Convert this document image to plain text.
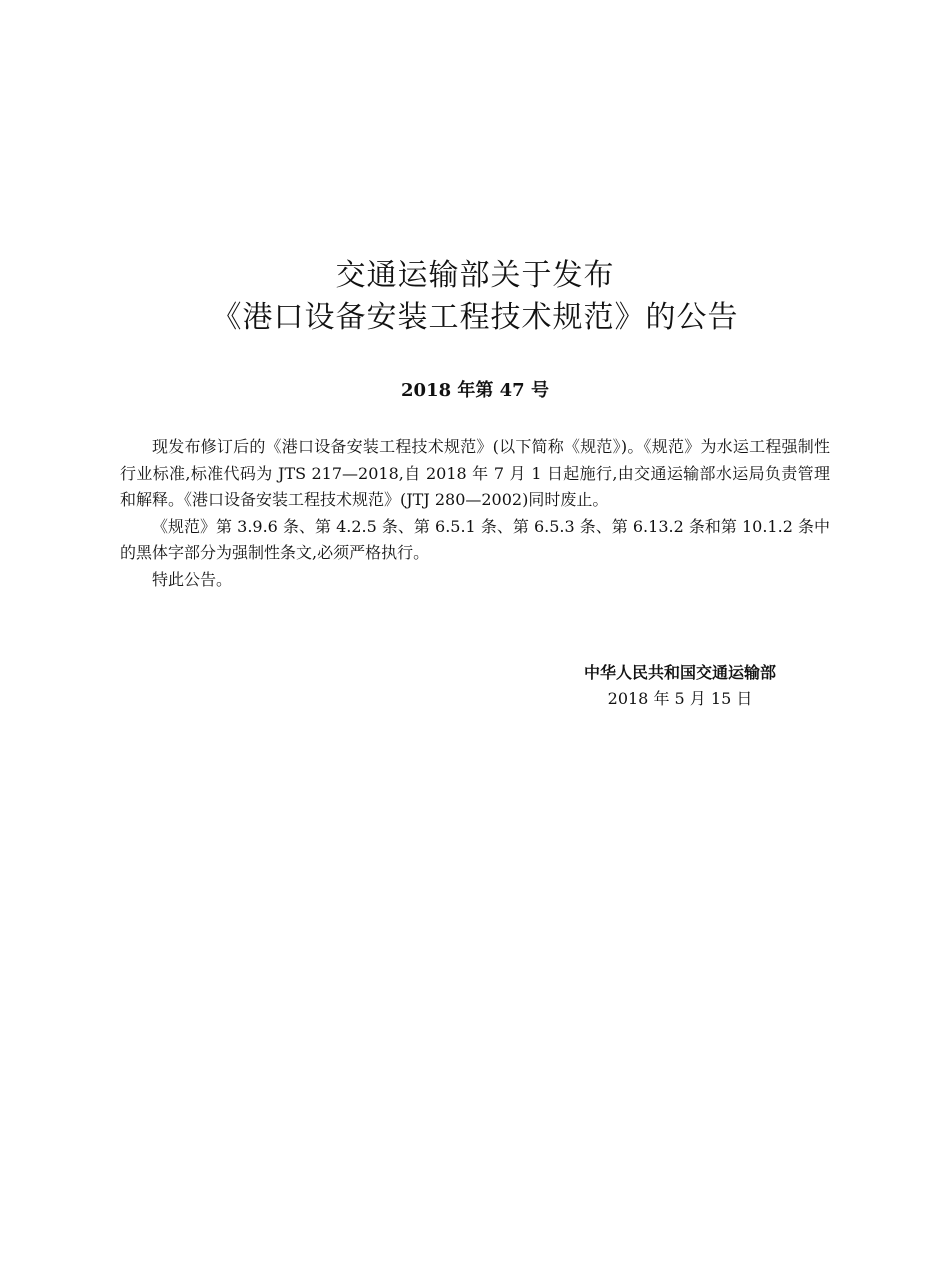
交通运输部关于发布
《港口设备安装工程技术规范》的公告
2018 年第 47 号

现发布修订后的《港口设备安装工程技术规范》(以下简称《规范》)。《规范》为水运工程强制性行业标准,标准代码为 JTS 217—2018,自 2018 年 7 月 1 日起施行,由交通运输部水运局负责管理和解释。《港口设备安装工程技术规范》(JTJ 280—2002)同时废止。

《规范》第 3.9.6 条、第 4.2.5 条、第 6.5.1 条、第 6.5.3 条、第 6.13.2 条和第 10.1.2 条中的黑体字部分为强制性条文,必须严格执行。

特此公告。

中华人民共和国交通运输部
2018 年 5 月 15 日
